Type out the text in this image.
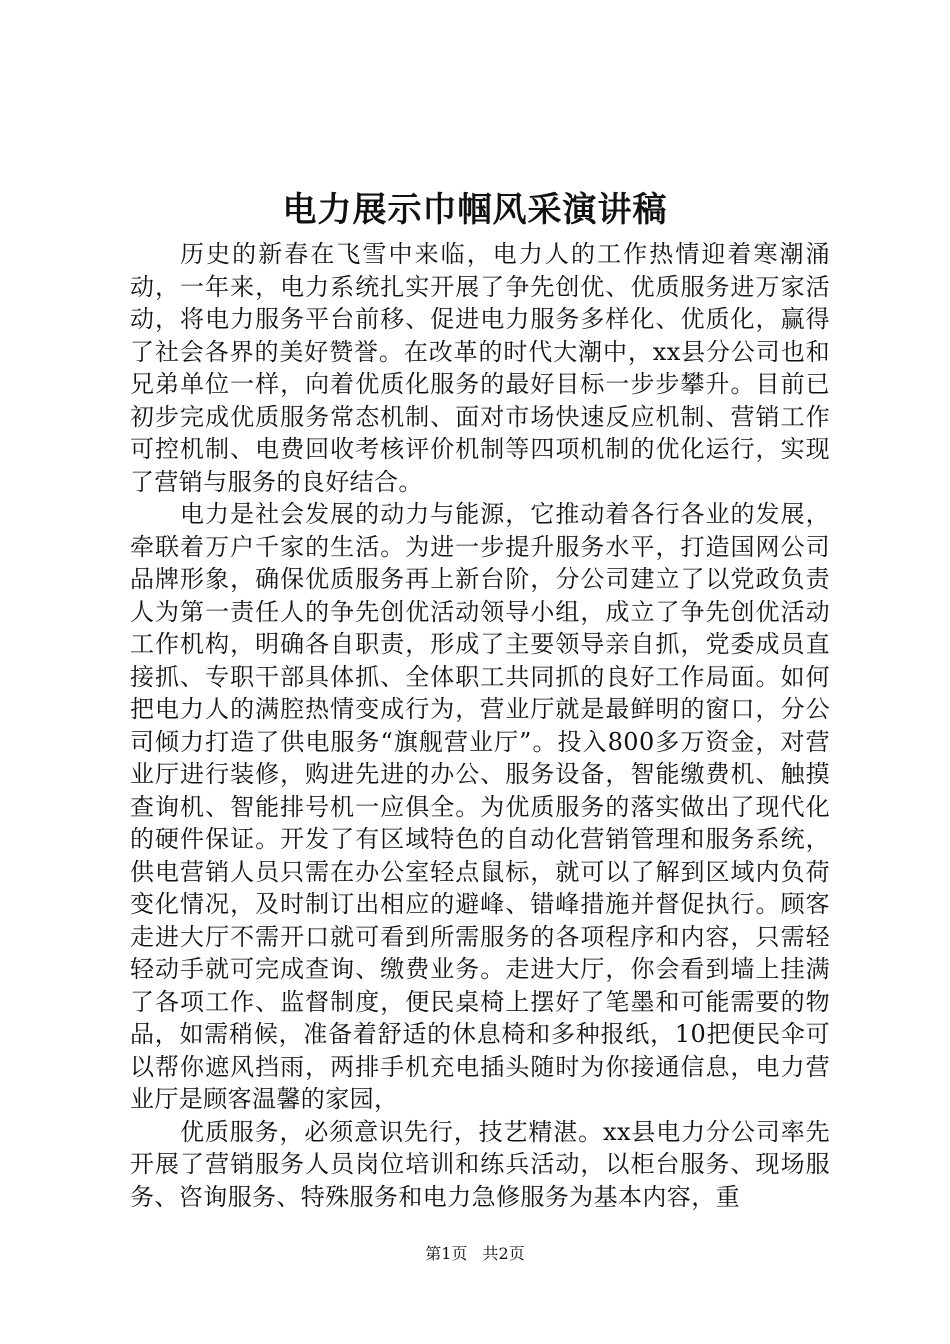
电力展示巾帼风采演讲稿

历史的新春在飞雪中来临，电力人的工作热情迎着寒潮涌动，一年来，电力系统扎实开展了争先创优、优质服务进万家活动，将电力服务平台前移、促进电力服务多样化、优质化，赢得了社会各界的美好赞誉。在改革的时代大潮中，xx县分公司也和兄弟单位一样，向着优质化服务的最好目标一步步攀升。目前已初步完成优质服务常态机制、面对市场快速反应机制、营销工作可控机制、电费回收考核评价机制等四项机制的优化运行，实现了营销与服务的良好结合。

电力是社会发展的动力与能源，它推动着各行各业的发展，牵联着万户千家的生活。为进一步提升服务水平，打造国网公司品牌形象，确保优质服务再上新台阶，分公司建立了以党政负责人为第一责任人的争先创优活动领导小组，成立了争先创优活动工作机构，明确各自职责，形成了主要领导亲自抓，党委成员直接抓、专职干部具体抓、全体职工共同抓的良好工作局面。如何把电力人的满腔热情变成行为，营业厅就是最鲜明的窗口，分公司倾力打造了供电服务“旗舰营业厅”。投入800多万资金，对营业厅进行装修，购进先进的办公、服务设备，智能缴费机、触摸查询机、智能排号机一应俱全。为优质服务的落实做出了现代化的硬件保证。开发了有区域特色的自动化营销管理和服务系统，供电营销人员只需在办公室轻点鼠标，就可以了解到区域内负荷变化情况，及时制订出相应的避峰、错峰措施并督促执行。顾客走进大厅不需开口就可看到所需服务的各项程序和内容，只需轻轻动手就可完成查询、缴费业务。走进大厅，你会看到墙上挂满了各项工作、监督制度，便民桌椅上摆好了笔墨和可能需要的物品，如需稍候，准备着舒适的休息椅和多种报纸，10把便民伞可以帮你遮风挡雨，两排手机充电插头随时为你接通信息，电力营业厅是顾客温馨的家园，

优质服务，必须意识先行，技艺精湛。xx县电力分公司率先开展了营销服务人员岗位培训和练兵活动，以柜台服务、现场服务、咨询服务、特殊服务和电力急修服务为基本内容，重

第1页 共2页
